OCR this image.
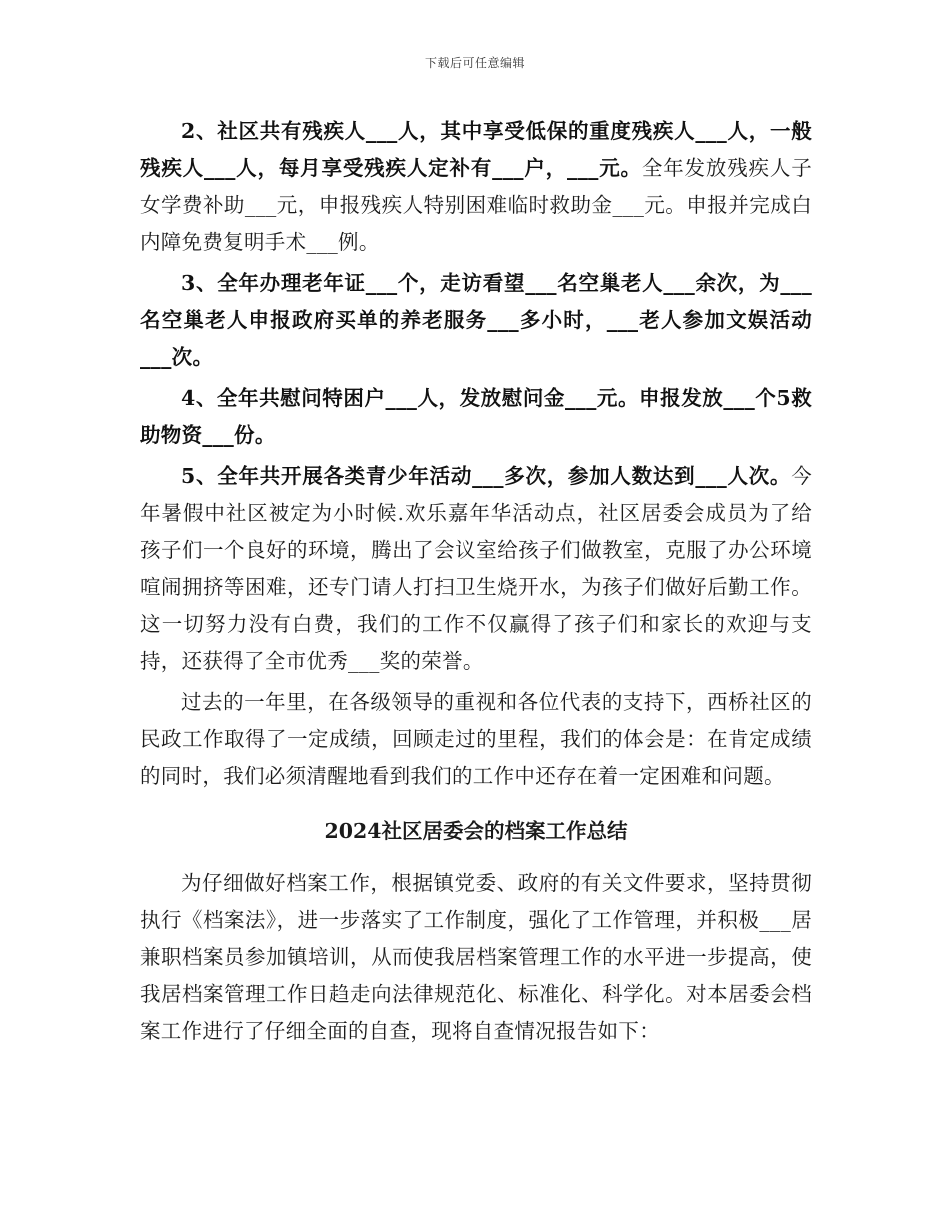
下载后可任意编辑

2、社区共有残疾人___人，其中享受低保的重度残疾人___人，一般残疾人___人，每月享受残疾人定补有___户，___元。全年发放残疾人子女学费补助___元，申报残疾人特别困难临时救助金___元。申报并完成白内障免费复明手术___例。

3、全年办理老年证___个，走访看望___名空巢老人___余次，为___名空巢老人申报政府买单的养老服务___多小时，___老人参加文娱活动___次。

4、全年共慰问特困户___人，发放慰问金___元。申报发放___个5救助物资___份。

5、全年共开展各类青少年活动___多次，参加人数达到___人次。今年暑假中社区被定为小时候.欢乐嘉年华活动点，社区居委会成员为了给孩子们一个良好的环境，腾出了会议室给孩子们做教室，克服了办公环境喧闹拥挤等困难，还专门请人打扫卫生烧开水，为孩子们做好后勤工作。这一切努力没有白费，我们的工作不仅赢得了孩子们和家长的欢迎与支持，还获得了全市优秀___奖的荣誉。

过去的一年里，在各级领导的重视和各位代表的支持下，西桥社区的民政工作取得了一定成绩，回顾走过的里程，我们的体会是：在肯定成绩的同时，我们必须清醒地看到我们的工作中还存在着一定困难和问题。

2024社区居委会的档案工作总结

为仔细做好档案工作，根据镇党委、政府的有关文件要求，坚持贯彻执行《档案法》，进一步落实了工作制度，强化了工作管理，并积极___居兼职档案员参加镇培训，从而使我居档案管理工作的水平进一步提高，使我居档案管理工作日趋走向法律规范化、标准化、科学化。对本居委会档案工作进行了仔细全面的自查，现将自查情况报告如下：
